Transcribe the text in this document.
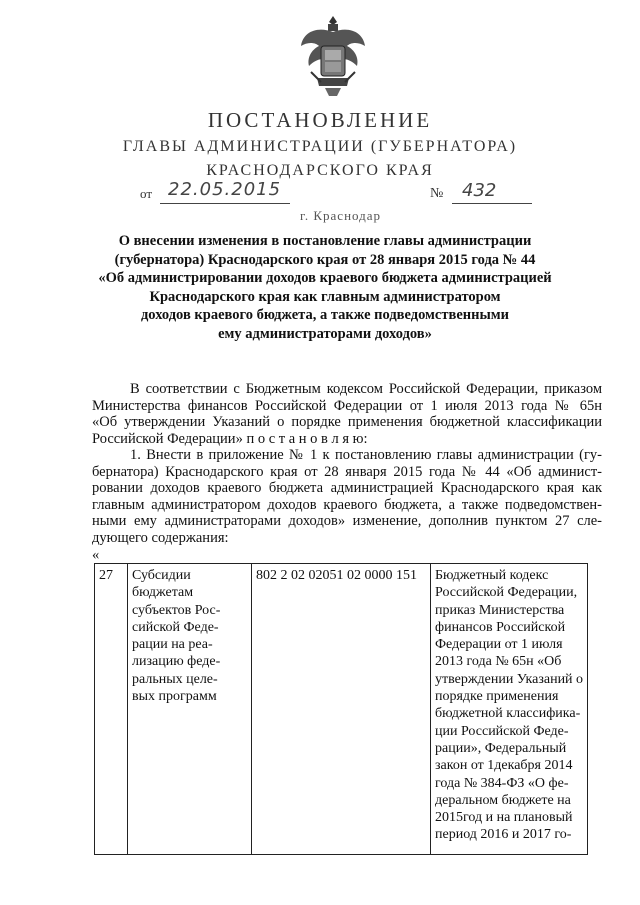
ПОСТАНОВЛЕНИЕ
ГЛАВЫ АДМИНИСТРАЦИИ (ГУБЕРНАТОРА)
КРАСНОДАРСКОГО КРАЯ
от 22.05.2015	№ 432
г. Краснодар
О внесении изменения в постановление главы администрации
(губернатора) Краснодарского края от 28 января 2015 года № 44
«Об администрировании доходов краевого бюджета администрацией
Краснодарского края как главным администратором
доходов краевого бюджета, а также подведомственными
ему администраторами доходов»
В соответствии с Бюджетным кодексом Российской Федерации, приказом
Министерства финансов Российской Федерации от 1 июля 2013 года № 65н
«Об утверждении Указаний о порядке применения бюджетной классификации
Российской Федерации» п о с т а н о в л я ю:
1. Внести в приложение № 1 к постановлению главы администрации (гу-
бернатора) Краснодарского края от 28 января 2015 года № 44 «Об админист-
ровании доходов краевого бюджета администрацией Краснодарского края как
главным администратором доходов краевого бюджета, а также подведомствен-
ными ему администраторами доходов» изменение, дополнив пунктом 27 сле-
дующего содержания:
«
27	Субсидии
бюджетам
субъектов Рос-
сийской Феде-
рации на реа-
лизацию феде-
ральных целе-
вых программ
	802 2 02 02051 02 0000 151	Бюджетный кодекс
Российской Федерации,
приказ Министерства
финансов Российской
Федерации от 1 июля
2013 года № 65н «Об
утверждении Указаний о
порядке применения
бюджетной классифика-
ции Российской Феде-
рации», Федеральный
закон от 1декабря 2014
года № 384-ФЗ «О фе-
деральном бюджете на
2015год и на плановый
период 2016 и 2017 го-
